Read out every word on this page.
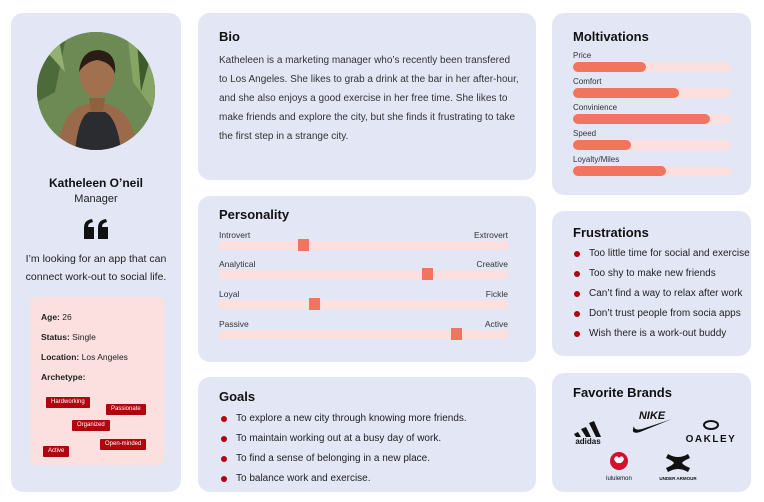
Katheleen O’neil
Manager
I’m looking for an app that can connect work-out to social life.
Age: 26
Status: Single
Location: Los Angeles
Archetype:
Hardworking
Passionate
Organized
Open-minded
Active
Bio
Katheleen is a marketing manager who’s recently been transfered to Los Angeles. She likes to grab a drink at the bar in her after-hour, and she also enjoys a good exercise in her free time. She likes to make friends and explore the city, but she finds it frustrating to take the first step in a strange city.
Personality
Introvert	Extrovert
Analytical	Creative
Loyal	Fickle
Passive	Active
Goals
To explore a new city through knowing more friends.
To maintain working out at a busy day of work.
To find a sense of belonging in a new place.
To balance work and exercise.
Moltivations
Price
Comfort
Convinience
Speed
Loyalty/Miles
Frustrations
Too little time for social and exercise
Too shy to make new friends
Can’t find a way to relax after work
Don’t trust people from socia apps
Wish there is a work-out buddy
Favorite Brands
adidas
NIKE
OAKLEY
lululemon	UNDER ARMOUR
